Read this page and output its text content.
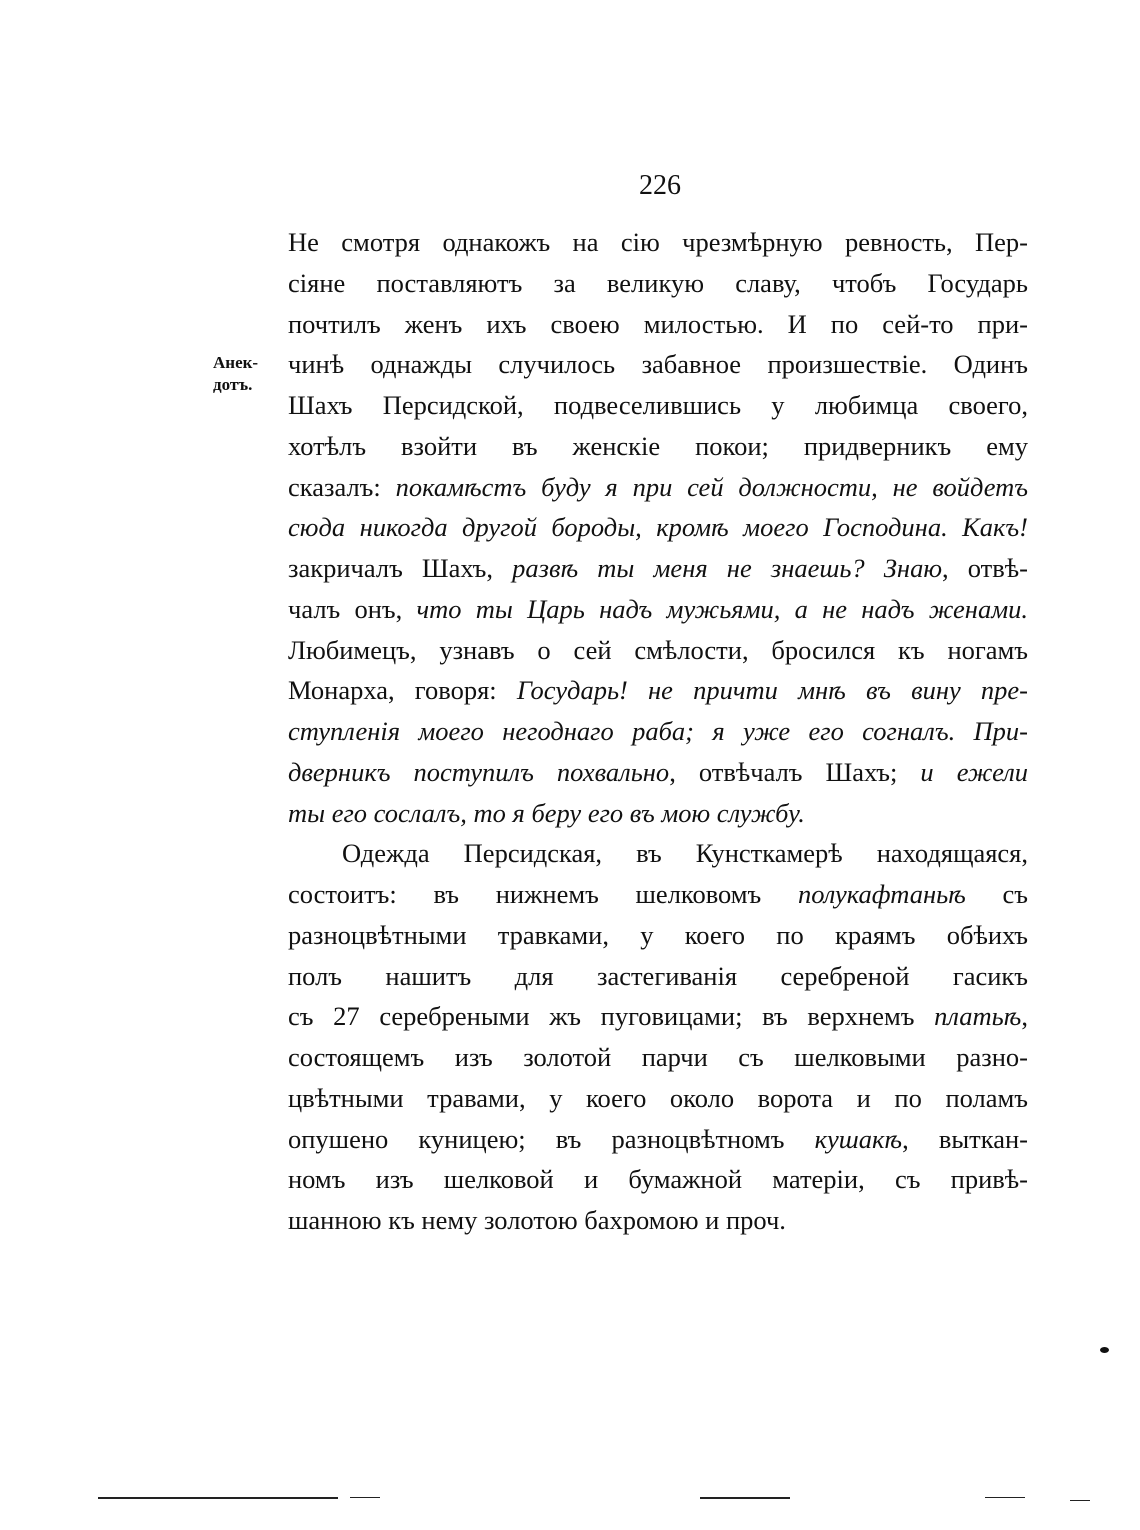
226
Анек-
дотъ.
Не смотря однакожъ на сію чрезмѣрную ревность, Пер-
сіяне поставляютъ за великую славу, чтобъ Государь
почтилъ женъ ихъ своею милостью. И по сей-то при-
чинѣ однажды случилось забавное произшествіе. Одинъ
Шахъ Персидской, подвеселившись у любимца своего,
хотѣлъ взойти въ женскіе покои; придверникъ ему
сказалъ: покамѣстъ буду я при сей должности, не войдетъ
сюда никогда другой бороды, кромѣ моего Господина. Какъ!
закричалъ Шахъ, развѣ ты меня не знаешь? Знаю, отвѣ-
чалъ онъ, что ты Царь надъ мужьями, а не надъ женами.
Любимецъ, узнавъ о сей смѣлости, бросился къ ногамъ
Монарха, говоря: Государь! не причти мнѣ въ вину пре-
ступленія моего негоднаго раба; я уже его согналъ. При-
дверникъ поступилъ похвально, отвѣчалъ Шахъ; и ежели
ты его сослалъ, то я беру его въ мою службу.
Одежда Персидская, въ Кунсткамерѣ находящаяся,
состоитъ: въ нижнемъ шелковомъ полукафтаньѣ съ
разноцвѣтными травками, у коего по краямъ обѣихъ
полъ нашитъ для застегиванія серебреной гасикъ
съ 27 серебреными жъ пуговицами; въ верхнемъ платьѣ,
состоящемъ изъ золотой парчи съ шелковыми разно-
цвѣтными травами, у коего около ворота и по поламъ
опушено куницею; въ разноцвѣтномъ кушакѣ, выткан-
номъ изъ шелковой и бумажной матеріи, съ привѣ-
шанною къ нему золотою бахромою и проч.
